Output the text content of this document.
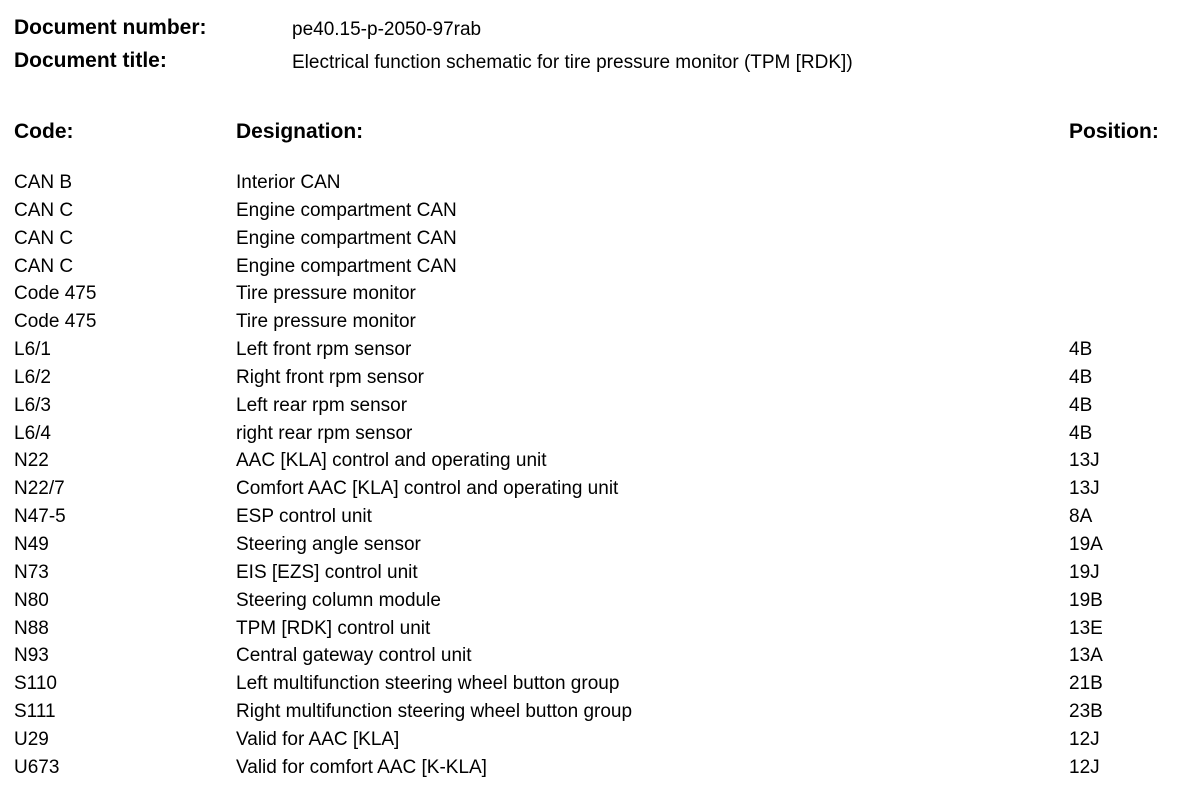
Document number:	pe40.15-p-2050-97rab
Document title:	Electrical function schematic for tire pressure monitor (TPM [RDK])
Code:	Designation:	Position:
CAN B	Interior CAN
CAN C	Engine compartment CAN
CAN C	Engine compartment CAN
CAN C	Engine compartment CAN
Code 475	Tire pressure monitor
Code 475	Tire pressure monitor
L6/1	Left front rpm sensor	4B
L6/2	Right front rpm sensor	4B
L6/3	Left rear rpm sensor	4B
L6/4	right rear rpm sensor	4B
N22	AAC [KLA] control and operating unit	13J
N22/7	Comfort AAC [KLA] control and operating unit	13J
N47-5	ESP control unit	8A
N49	Steering angle sensor	19A
N73	EIS [EZS] control unit	19J
N80	Steering column module	19B
N88	TPM [RDK] control unit	13E
N93	Central gateway control unit	13A
S110	Left multifunction steering wheel button group	21B
S111	Right multifunction steering wheel button group	23B
U29	Valid for AAC [KLA]	12J
U673	Valid for comfort AAC [K-KLA]	12J
